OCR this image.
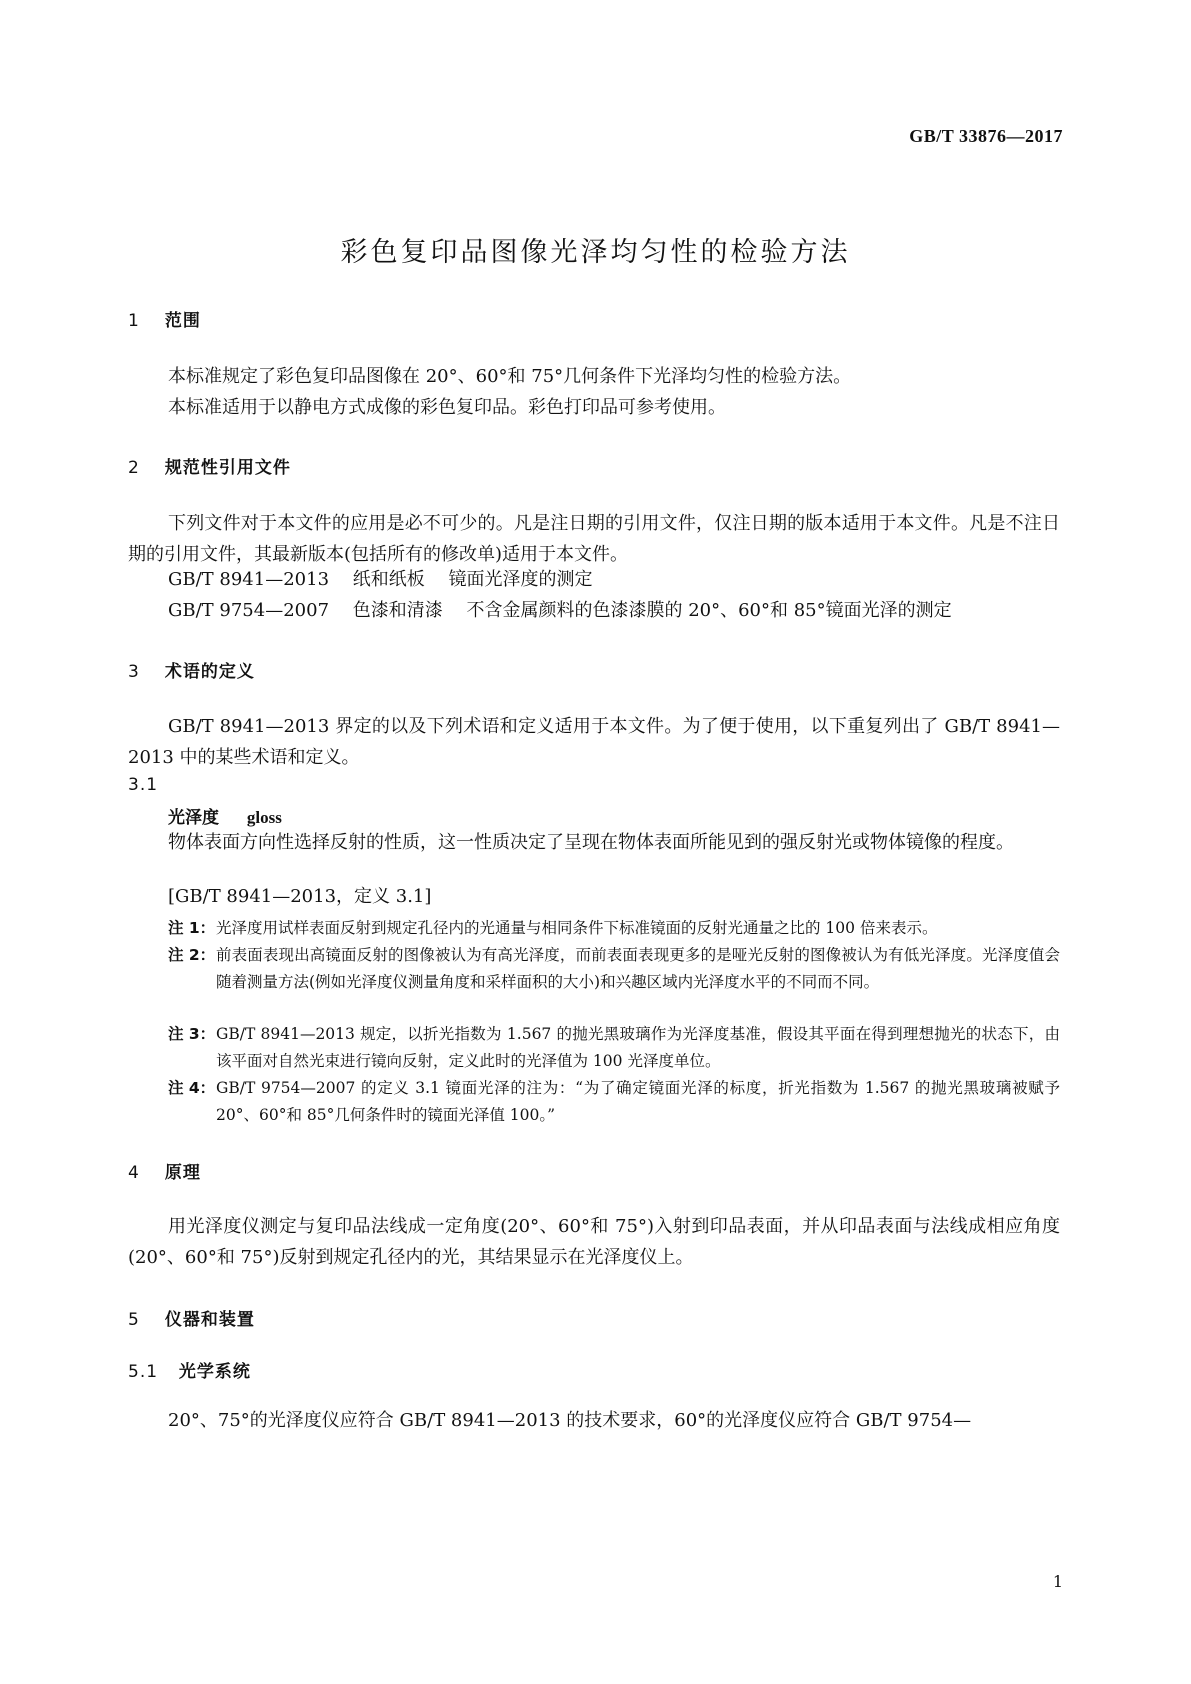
GB/T 33876—2017
彩色复印品图像光泽均匀性的检验方法
1 范围
本标准规定了彩色复印品图像在 20°、60°和 75°几何条件下光泽均匀性的检验方法。
本标准适用于以静电方式成像的彩色复印品。彩色打印品可参考使用。
2 规范性引用文件
下列文件对于本文件的应用是必不可少的。凡是注日期的引用文件，仅注日期的版本适用于本文件。凡是不注日期的引用文件，其最新版本(包括所有的修改单)适用于本文件。
GB/T 8941—2013 纸和纸板 镜面光泽度的测定
GB/T 9754—2007 色漆和清漆 不含金属颜料的色漆漆膜的 20°、60°和 85°镜面光泽的测定
3 术语的定义
GB/T 8941—2013 界定的以及下列术语和定义适用于本文件。为了便于使用，以下重复列出了 GB/T 8941—2013 中的某些术语和定义。
3.1
光泽度 gloss
物体表面方向性选择反射的性质，这一性质决定了呈现在物体表面所能见到的强反射光或物体镜像的程度。
[GB/T 8941—2013，定义 3.1]
注 1： 光泽度用试样表面反射到规定孔径内的光通量与相同条件下标准镜面的反射光通量之比的 100 倍来表示。
注 2： 前表面表现出高镜面反射的图像被认为有高光泽度，而前表面表现更多的是哑光反射的图像被认为有低光泽度。光泽度值会随着测量方法(例如光泽度仪测量角度和采样面积的大小)和兴趣区域内光泽度水平的不同而不同。
注 3： GB/T 8941—2013 规定，以折光指数为 1.567 的抛光黑玻璃作为光泽度基准，假设其平面在得到理想抛光的状态下，由该平面对自然光束进行镜向反射，定义此时的光泽值为 100 光泽度单位。
注 4： GB/T 9754—2007 的定义 3.1 镜面光泽的注为：“为了确定镜面光泽的标度，折光指数为 1.567 的抛光黑玻璃被赋予 20°、60°和 85°几何条件时的镜面光泽值 100。”
4 原理
用光泽度仪测定与复印品法线成一定角度(20°、60°和 75°)入射到印品表面，并从印品表面与法线成相应角度(20°、60°和 75°)反射到规定孔径内的光，其结果显示在光泽度仪上。
5 仪器和装置
5.1 光学系统
20°、75°的光泽度仪应符合 GB/T 8941—2013 的技术要求，60°的光泽度仪应符合 GB/T 9754—
1
